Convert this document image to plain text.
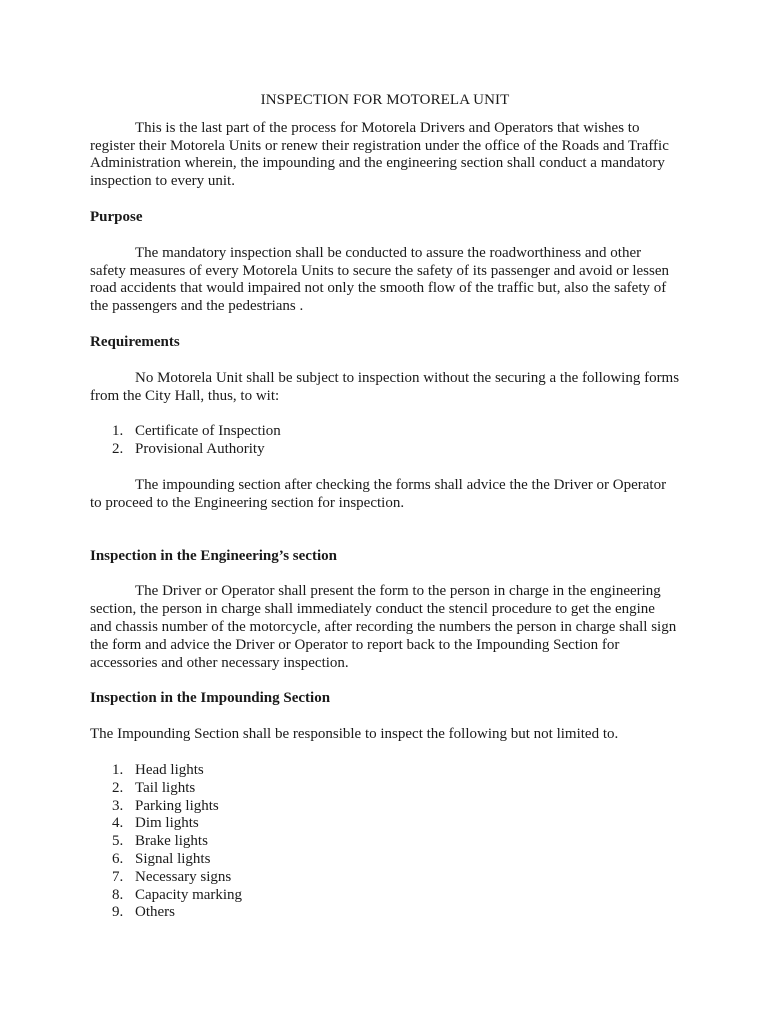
INSPECTION FOR MOTORELA UNIT

This is the last part of the process for Motorela Drivers and Operators that wishes to register their Motorela Units or renew their registration under the office of the Roads and Traffic Administration wherein, the impounding and the engineering section shall conduct a mandatory inspection to every unit.

Purpose

The mandatory inspection shall be conducted to assure the roadworthiness and other safety measures of every Motorela Units to secure the safety of its passenger and avoid or lessen road accidents that would impaired not only the smooth flow of the traffic but, also the safety of the passengers and the pedestrians .

Requirements

No Motorela Unit shall be subject to inspection without the securing a the following forms from the City Hall, thus, to wit:

1. Certificate of Inspection
2. Provisional Authority

The impounding section after checking the forms shall advice the the Driver or Operator to proceed to the Engineering section for inspection.

Inspection in the Engineering’s section

The Driver or Operator shall present the form to the person in charge in the engineering section, the person in charge shall immediately conduct the stencil procedure to get the engine and chassis number of the motorcycle, after recording the numbers the person in charge shall sign the form and advice the Driver or Operator to report back to the Impounding Section for accessories and other necessary inspection.

Inspection in the Impounding Section

The Impounding Section shall be responsible to inspect the following but not limited to.

1. Head lights
2. Tail lights
3. Parking lights
4. Dim lights
5. Brake lights
6. Signal lights
7. Necessary signs
8. Capacity marking
9. Others
